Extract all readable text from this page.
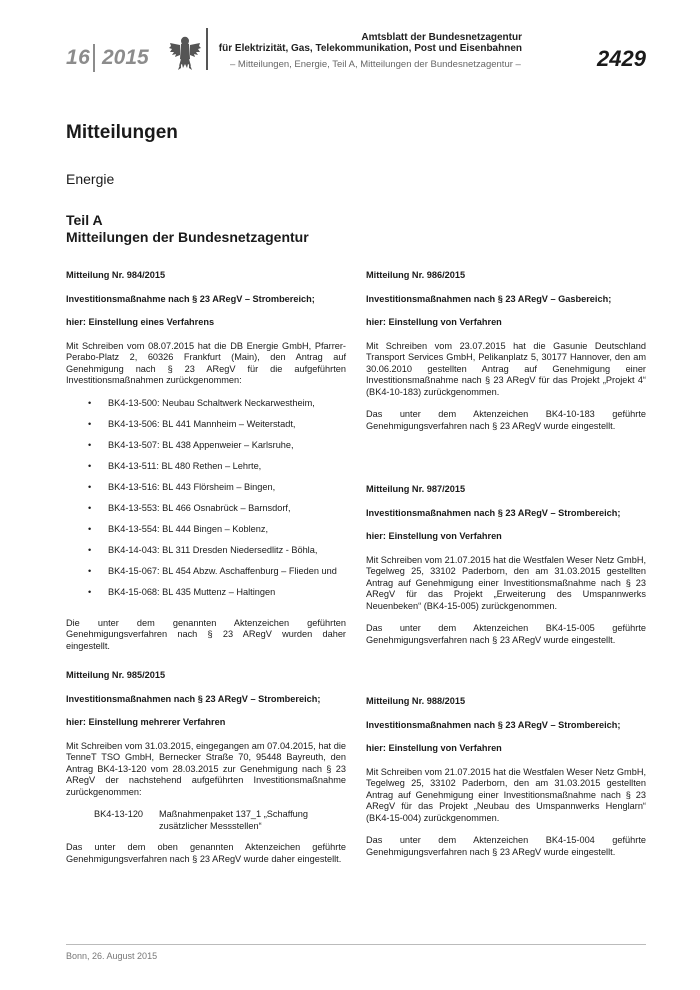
16 2015
Amtsblatt der Bundesnetzagentur
für Elektrizität, Gas, Telekommunikation, Post und Eisenbahnen
– Mitteilungen, Energie, Teil A, Mitteilungen der Bundesnetzagentur –	2429
Mitteilungen
Energie
Teil A
Mitteilungen der Bundesnetzagentur

Mitteilung Nr. 984/2015

Investitionsmaßnahme nach § 23 ARegV – Strombereich;

hier: Einstellung eines Verfahrens

Mit Schreiben vom 08.07.2015 hat die DB Energie GmbH, Pfarrer-Perabo-Platz 2, 60326 Frankfurt (Main), den Antrag auf Genehmigung nach § 23 ARegV für die aufgeführten Investitionsmaßnahmen zurückgenommen:

• BK4-13-500: Neubau Schaltwerk Neckarwestheim,
• BK4-13-506: BL 441 Mannheim – Weiterstadt,
• BK4-13-507: BL 438 Appenweier – Karlsruhe,
• BK4-13-511: BL 480 Rethen – Lehrte,
• BK4-13-516: BL 443 Flörsheim – Bingen,
• BK4-13-553: BL 466 Osnabrück – Barnsdorf,
• BK4-13-554: BL 444 Bingen – Koblenz,
• BK4-14-043: BL 311 Dresden Niedersedlitz - Böhla,
• BK4-15-067: BL 454 Abzw. Aschaffenburg – Flieden und
• BK4-15-068: BL 435 Muttenz – Haltingen

Die unter dem genannten Aktenzeichen geführten Genehmigungsverfahren nach § 23 ARegV wurden daher eingestellt.

Mitteilung Nr. 985/2015

Investitionsmaßnahmen nach § 23 ARegV – Strombereich;

hier: Einstellung mehrerer Verfahren

Mit Schreiben vom 31.03.2015, eingegangen am 07.04.2015, hat die TenneT TSO GmbH, Bernecker Straße 70, 95448 Bayreuth, den Antrag BK4-13-120 vom 28.03.2015 zur Genehmigung nach § 23 ARegV der nachstehend aufgeführten Investitionsmaßnahme zurückgenommen:

BK4-13-120 Maßnahmenpaket 137_1 „Schaffung zusätzlicher Messstellen“

Das unter dem oben genannten Aktenzeichen geführte Genehmigungsverfahren nach § 23 ARegV wurde daher eingestellt.

Mitteilung Nr. 986/2015

Investitionsmaßnahmen nach § 23 ARegV – Gasbereich;

hier: Einstellung von Verfahren

Mit Schreiben vom 23.07.2015 hat die Gasunie Deutschland Transport Services GmbH, Pelikanplatz 5, 30177 Hannover, den am 30.06.2010 gestellten Antrag auf Genehmigung einer Investitionsmaßnahme nach § 23 ARegV für das Projekt „Projekt 4“ (BK4-10-183) zurückgenommen.

Das unter dem Aktenzeichen BK4-10-183 geführte Genehmigungsverfahren nach § 23 ARegV wurde eingestellt.

Mitteilung Nr. 987/2015

Investitionsmaßnahmen nach § 23 ARegV – Strombereich;

hier: Einstellung von Verfahren

Mit Schreiben vom 21.07.2015 hat die Westfalen Weser Netz GmbH, Tegelweg 25, 33102 Paderborn, den am 31.03.2015 gestellten Antrag auf Genehmigung einer Investitionsmaßnahme nach § 23 ARegV für das Projekt „Erweiterung des Umspannwerks Neuenbeken“ (BK4-15-005) zurückgenommen.

Das unter dem Aktenzeichen BK4-15-005 geführte Genehmigungsverfahren nach § 23 ARegV wurde eingestellt.

Mitteilung Nr. 988/2015

Investitionsmaßnahmen nach § 23 ARegV – Strombereich;

hier: Einstellung von Verfahren

Mit Schreiben vom 21.07.2015 hat die Westfalen Weser Netz GmbH, Tegelweg 25, 33102 Paderborn, den am 31.03.2015 gestellten Antrag auf Genehmigung einer Investitionsmaßnahme nach § 23 ARegV für das Projekt „Neubau des Umspannwerks Henglarn“ (BK4-15-004) zurückgenommen.

Das unter dem Aktenzeichen BK4-15-004 geführte Genehmigungsverfahren nach § 23 ARegV wurde eingestellt.

Bonn, 26. August 2015
